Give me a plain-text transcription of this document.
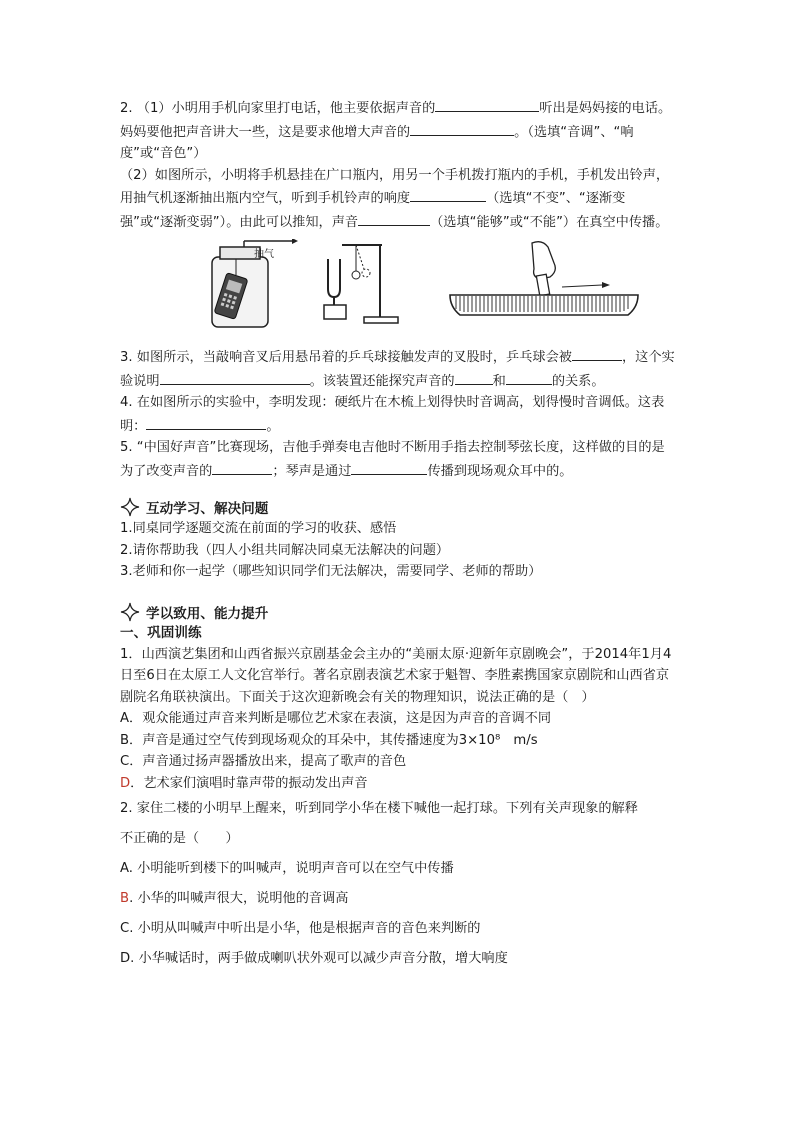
2. （1）小明用手机向家里打电话，他主要依据声音的	听出是妈妈接的电话。妈妈要他把声音讲大一些，这是要求他增大声音的	。（选填“音调”、“响度”或“音色”）

（2）如图所示，小明将手机悬挂在广口瓶内，用另一个手机拨打瓶内的手机，手机发出铃声，用抽气机逐渐抽出瓶内空气，听到手机铃声的响度	（选填“不变”、“逐渐变强”或“逐渐变弱”）。由此可以推知，声音	（选填“能够”或“不能”）在真空中传播。

抽气

3. 如图所示，当敲响音叉后用悬吊着的乒乓球接触发声的叉股时，乒乓球会被	，这个实验说明	。该装置还能探究声音的	和	的关系。

4. 在如图所示的实验中，李明发现：硬纸片在木梳上划得快时音调高，划得慢时音调低。这表明：	。

5. “中国好声音”比赛现场，吉他手弹奏电吉他时不断用手指去控制琴弦长度，这样做的目的是为了改变声音的	；琴声是通过	传播到现场观众耳中的。

互动学习、解决问题

1.同桌同学逐题交流在前面的学习的收获、感悟

2.请你帮助我（四人小组共同解决同桌无法解决的问题）

3.老师和你一起学（哪些知识同学们无法解决，需要同学、老师的帮助）

学以致用、能力提升
一、巩固训练

1．山西演艺集团和山西省振兴京剧基金会主办的“美丽太原·迎新年京剧晚会”，于2014年1月4日至6日在太原工人文化宫举行。著名京剧表演艺术家于魁智、李胜素携国家京剧院和山西省京剧院名角联袂演出。下面关于这次迎新晚会有关的物理知识，说法正确的是（　）

A．观众能通过声音来判断是哪位艺术家在表演，这是因为声音的音调不同

B．声音是通过空气传到现场观众的耳朵中，其传播速度为3×10⁸　m/s

C．声音通过扬声器播放出来，提高了歌声的音色

D．艺术家们演唱时靠声带的振动发出声音

2. 家住二楼的小明早上醒来，听到同学小华在楼下喊他一起打球。下列有关声现象的解释

不正确的是（　　）

A. 小明能听到楼下的叫喊声，说明声音可以在空气中传播

B. 小华的叫喊声很大，说明他的音调高

C. 小明从叫喊声中听出是小华，他是根据声音的音色来判断的

D. 小华喊话时，两手做成喇叭状外观可以减少声音分散，增大响度
